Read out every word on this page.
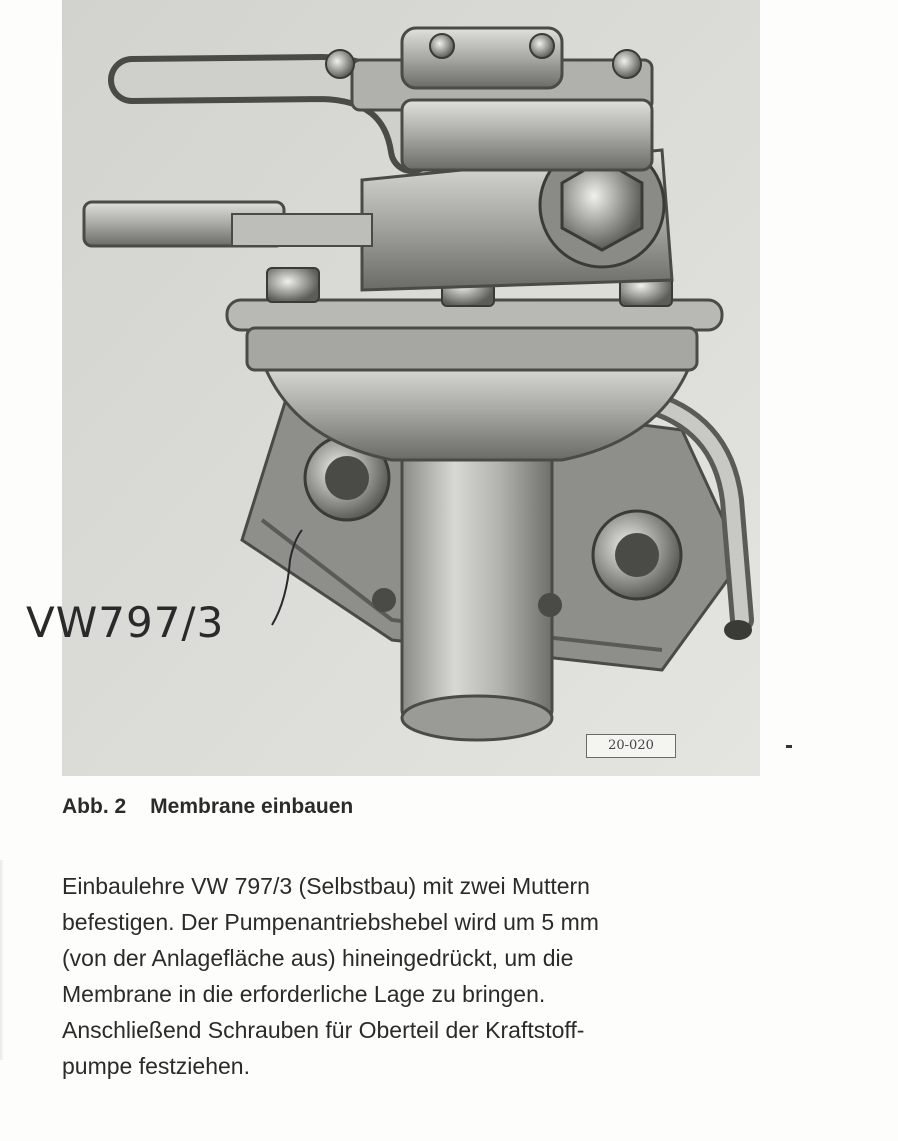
VW797/3
20-020
Abb. 2 Membrane einbauen
Einbaulehre VW 797/3 (Selbstbau) mit zwei Muttern
befestigen. Der Pumpenantriebshebel wird um 5 mm
(von der Anlagefläche aus) hineingedrückt, um die
Membrane in die erforderliche Lage zu bringen.
Anschließend Schrauben für Oberteil der Kraftstoff-
pumpe festziehen.
